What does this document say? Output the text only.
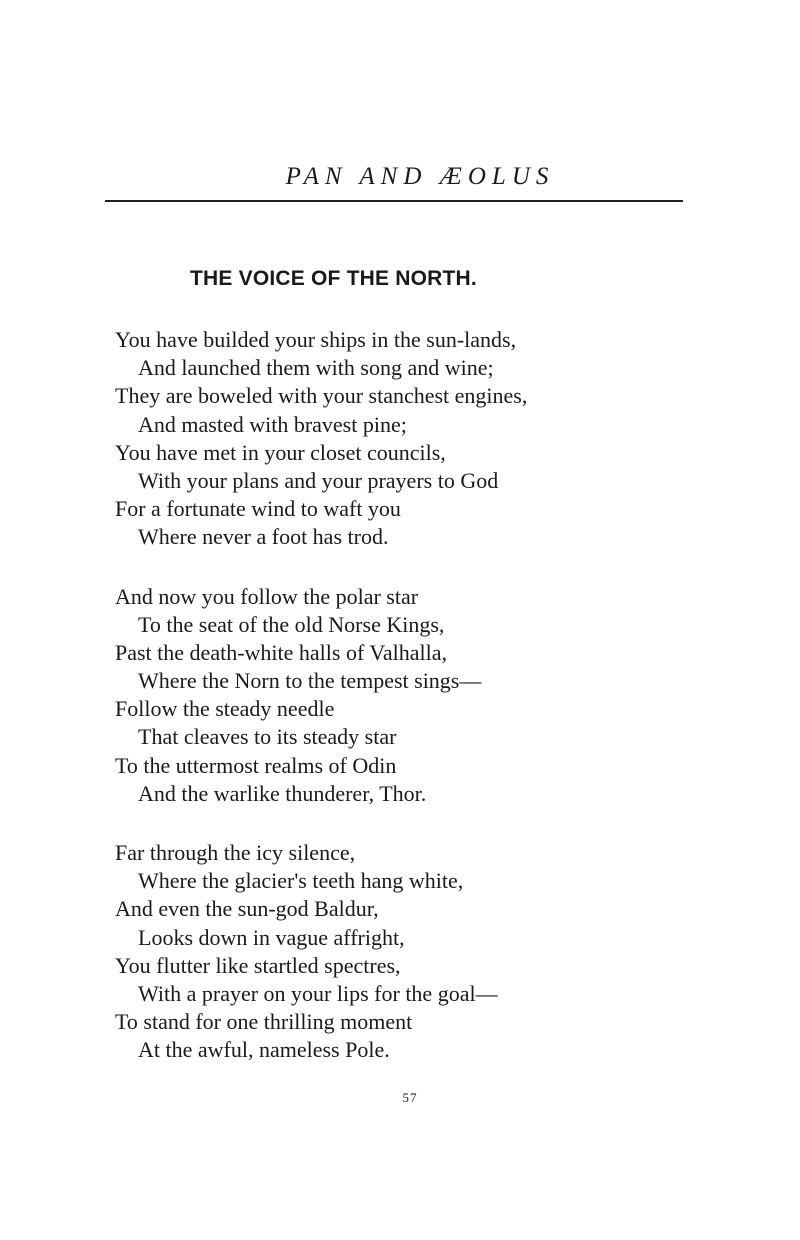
PAN AND ÆOLUS
THE VOICE OF THE NORTH.
You have builded your ships in the sun-lands,
And launched them with song and wine;
They are boweled with your stanchest engines,
And masted with bravest pine;
You have met in your closet councils,
With your plans and your prayers to God
For a fortunate wind to waft you
Where never a foot has trod.
And now you follow the polar star
To the seat of the old Norse Kings,
Past the death-white halls of Valhalla,
Where the Norn to the tempest sings—
Follow the steady needle
That cleaves to its steady star
To the uttermost realms of Odin
And the warlike thunderer, Thor.
Far through the icy silence,
Where the glacier's teeth hang white,
And even the sun-god Baldur,
Looks down in vague affright,
You flutter like startled spectres,
With a prayer on your lips for the goal—
To stand for one thrilling moment
At the awful, nameless Pole.
57
